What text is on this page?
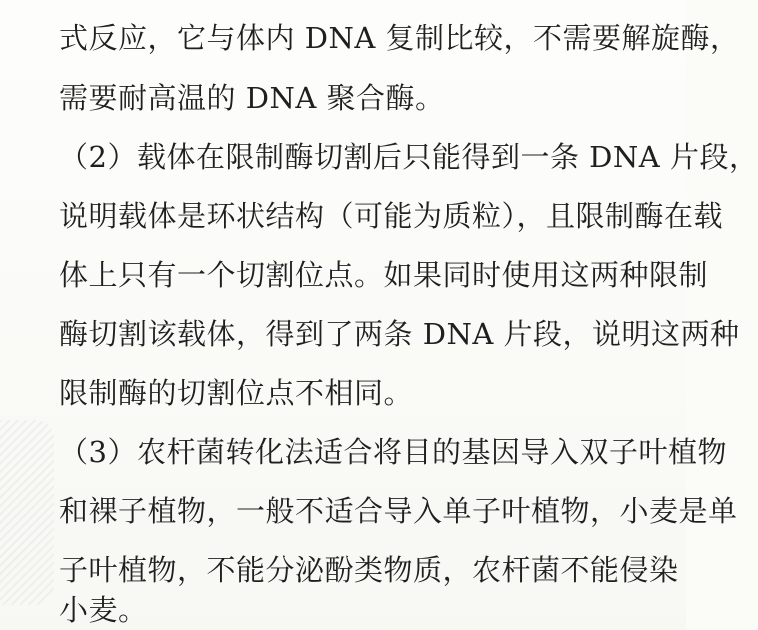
式反应，它与体内 DNA 复制比较，不需要解旋酶，

需要耐高温的 DNA 聚合酶。

（2）载体在限制酶切割后只能得到一条 DNA 片段，

说明载体是环状结构（可能为质粒），且限制酶在载

体上只有一个切割位点。如果同时使用这两种限制

酶切割该载体，得到了两条 DNA 片段，说明这两种

限制酶的切割位点不相同。

（3）农杆菌转化法适合将目的基因导入双子叶植物

和裸子植物，一般不适合导入单子叶植物，小麦是单

子叶植物，不能分泌酚类物质，农杆菌不能侵染

小麦。
